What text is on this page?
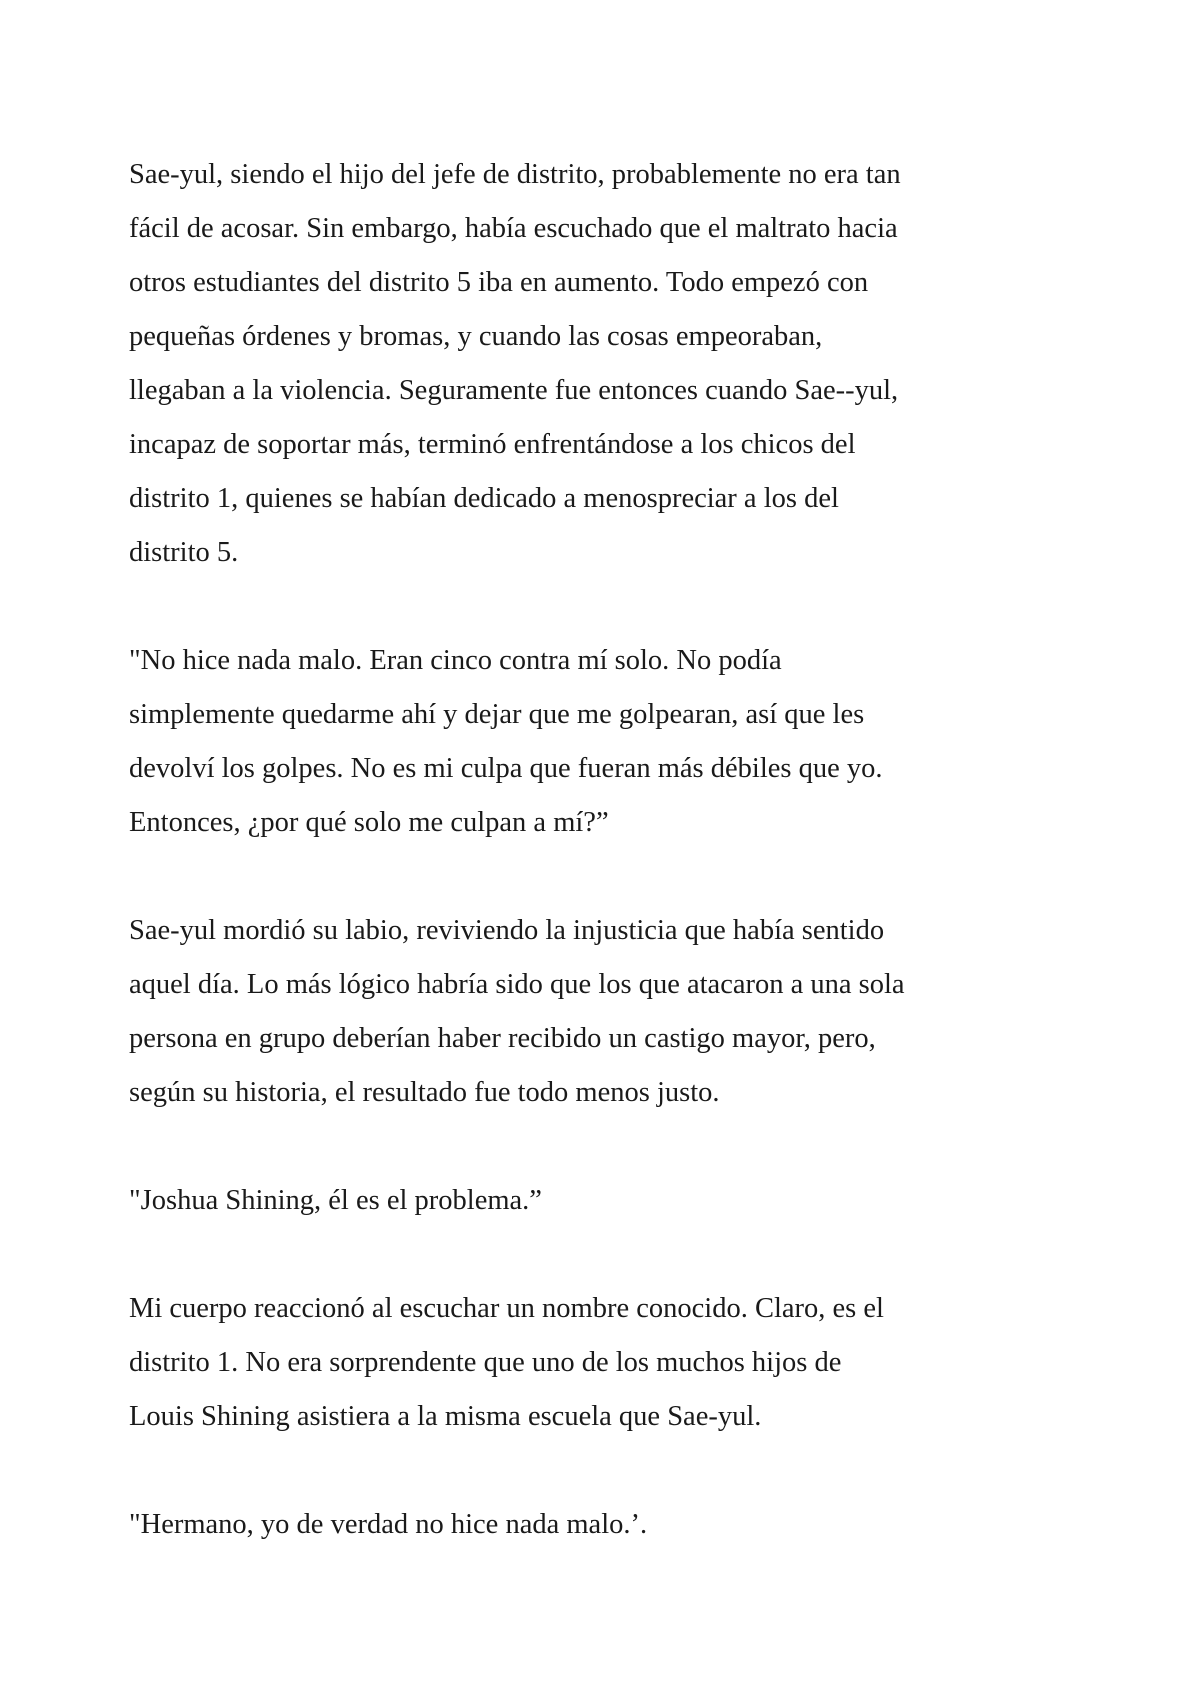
Sae-yul, siendo el hijo del jefe de distrito, probablemente no era tan
fácil de acosar. Sin embargo, había escuchado que el maltrato hacia
otros estudiantes del distrito 5 iba en aumento. Todo empezó con
pequeñas órdenes y bromas, y cuando las cosas empeoraban,
llegaban a la violencia. Seguramente fue entonces cuando Sae--yul,
incapaz de soportar más, terminó enfrentándose a los chicos del
distrito 1, quienes se habían dedicado a menospreciar a los del
distrito 5.

"No hice nada malo. Eran cinco contra mí solo. No podía
simplemente quedarme ahí y dejar que me golpearan, así que les
devolví los golpes. No es mi culpa que fueran más débiles que yo.
Entonces, ¿por qué solo me culpan a mí?”

Sae-yul mordió su labio, reviviendo la injusticia que había sentido
aquel día. Lo más lógico habría sido que los que atacaron a una sola
persona en grupo deberían haber recibido un castigo mayor, pero,
según su historia, el resultado fue todo menos justo.

"Joshua Shining, él es el problema.”

Mi cuerpo reaccionó al escuchar un nombre conocido. Claro, es el
distrito 1. No era sorprendente que uno de los muchos hijos de
Louis Shining asistiera a la misma escuela que Sae-yul.

"Hermano, yo de verdad no hice nada malo.’.
